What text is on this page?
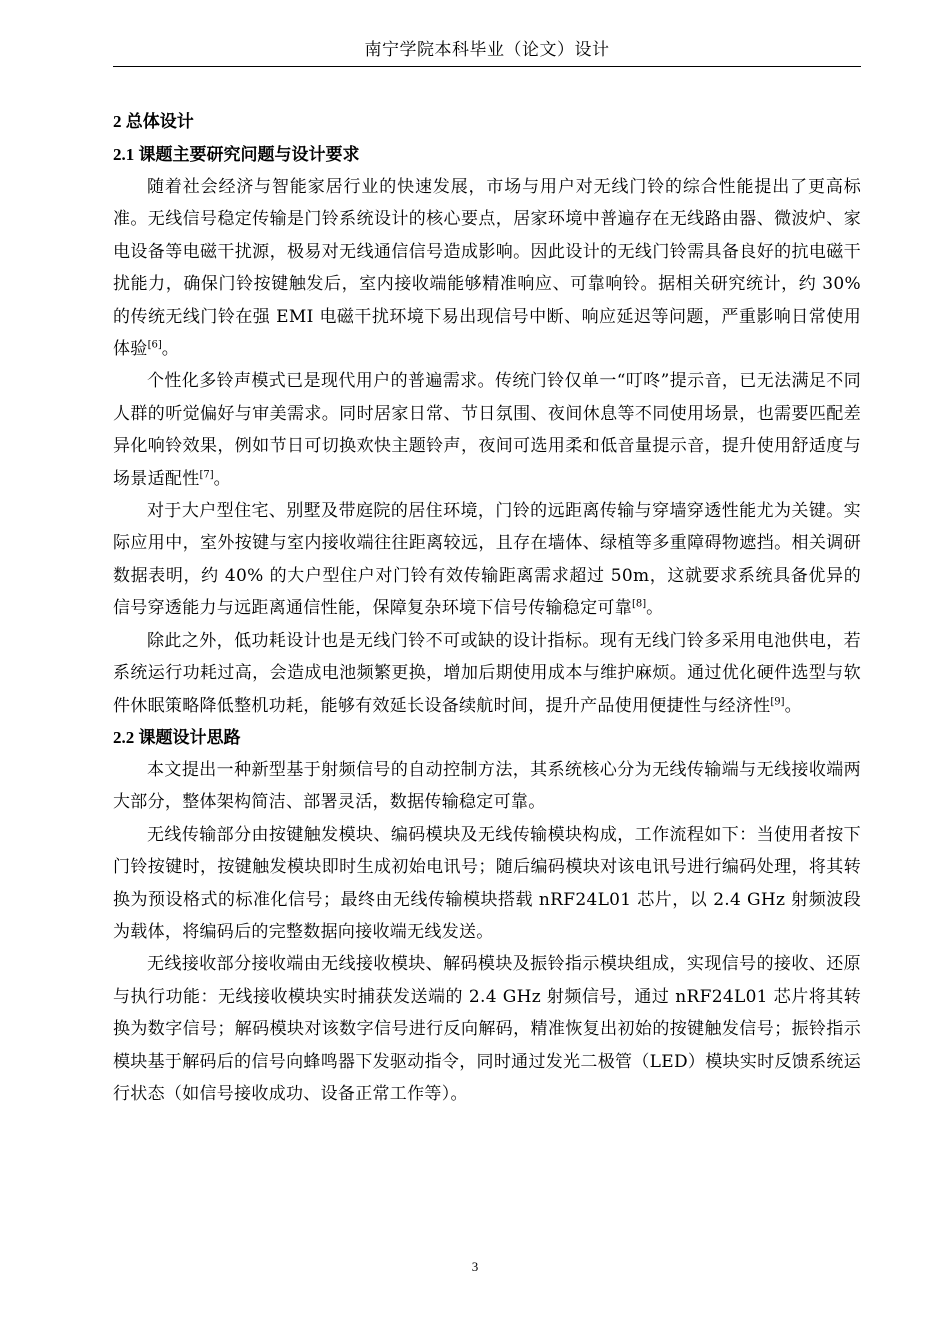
南宁学院本科毕业（论文）设计
2 总体设计
2.1 课题主要研究问题与设计要求

随着社会经济与智能家居行业的快速发展，市场与用户对无线门铃的综合性能提出了更高标准。无线信号稳定传输是门铃系统设计的核心要点，居家环境中普遍存在无线路由器、微波炉、家电设备等电磁干扰源，极易对无线通信信号造成影响。因此设计的无线门铃需具备良好的抗电磁干扰能力，确保门铃按键触发后，室内接收端能够精准响应、可靠响铃。据相关研究统计，约 30% 的传统无线门铃在强 EMI 电磁干扰环境下易出现信号中断、响应延迟等问题，严重影响日常使用体验[6]。

个性化多铃声模式已是现代用户的普遍需求。传统门铃仅单一“叮咚”提示音，已无法满足不同人群的听觉偏好与审美需求。同时居家日常、节日氛围、夜间休息等不同使用场景，也需要匹配差异化响铃效果，例如节日可切换欢快主题铃声，夜间可选用柔和低音量提示音，提升使用舒适度与场景适配性[7]。

对于大户型住宅、别墅及带庭院的居住环境，门铃的远距离传输与穿墙穿透性能尤为关键。实际应用中，室外按键与室内接收端往往距离较远，且存在墙体、绿植等多重障碍物遮挡。相关调研数据表明，约 40% 的大户型住户对门铃有效传输距离需求超过 50m，这就要求系统具备优异的信号穿透能力与远距离通信性能，保障复杂环境下信号传输稳定可靠[8]。

除此之外，低功耗设计也是无线门铃不可或缺的设计指标。现有无线门铃多采用电池供电，若系统运行功耗过高，会造成电池频繁更换，增加后期使用成本与维护麻烦。通过优化硬件选型与软件休眠策略降低整机功耗，能够有效延长设备续航时间，提升产品使用便捷性与经济性[9]。

2.2 课题设计思路

本文提出一种新型基于射频信号的自动控制方法，其系统核心分为无线传输端与无线接收端两大部分，整体架构简洁、部署灵活，数据传输稳定可靠。

无线传输部分由按键触发模块、编码模块及无线传输模块构成，工作流程如下：当使用者按下门铃按键时，按键触发模块即时生成初始电讯号；随后编码模块对该电讯号进行编码处理，将其转换为预设格式的标准化信号；最终由无线传输模块搭载 nRF24L01 芯片，以 2.4 GHz 射频波段为载体，将编码后的完整数据向接收端无线发送。

无线接收部分接收端由无线接收模块、解码模块及振铃指示模块组成，实现信号的接收、还原与执行功能：无线接收模块实时捕获发送端的 2.4 GHz 射频信号，通过 nRF24L01 芯片将其转换为数字信号；解码模块对该数字信号进行反向解码，精准恢复出初始的按键触发信号；振铃指示模块基于解码后的信号向蜂鸣器下发驱动指令，同时通过发光二极管（LED）模块实时反馈系统运行状态（如信号接收成功、设备正常工作等）。

3
